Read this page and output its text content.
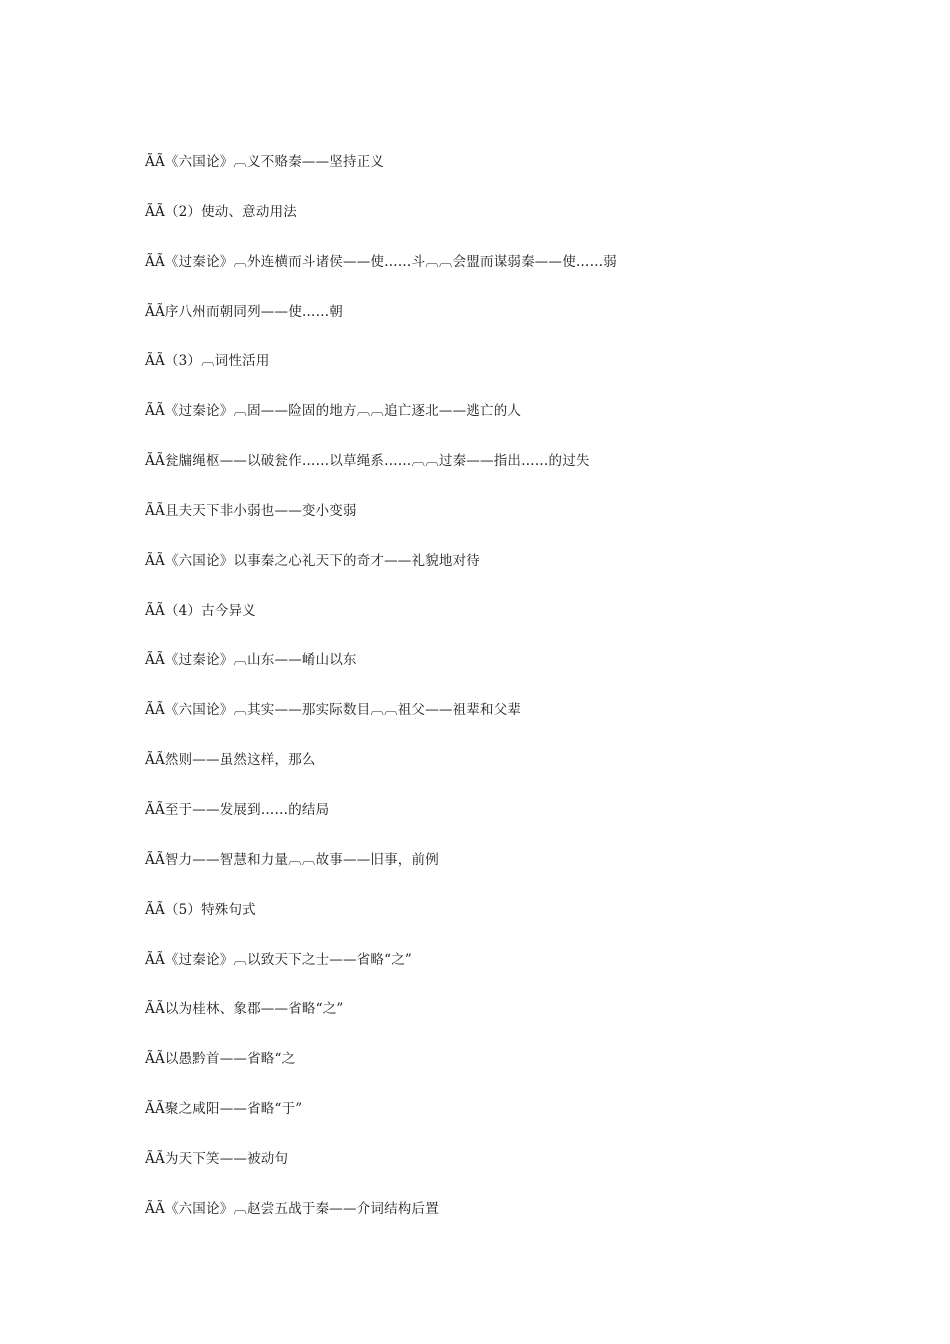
ÃÃ《六国论》︹义不赂秦——坚持正义
ÃÃ（2）使动、意动用法
ÃÃ《过秦论》︹外连横而斗诸侯——使……斗︹︹会盟而谋弱秦——使……弱
ÃÃ序八州而朝同列——使……朝
ÃÃ（3）︹词性活用
ÃÃ《过秦论》︹固——险固的地方︹︹追亡逐北——逃亡的人
ÃÃ瓮牖绳枢——以破瓮作……以草绳系……︹︹过秦——指出……的过失
ÃÃ且夫天下非小弱也——变小变弱
ÃÃ《六国论》以事秦之心礼天下的奇才——礼貌地对待
ÃÃ（4）古今异义
ÃÃ《过秦论》︹山东——崤山以东
ÃÃ《六国论》︹其实——那实际数目︹︹祖父——祖辈和父辈
ÃÃ然则——虽然这样，那么
ÃÃ至于——发展到……的结局
ÃÃ智力——智慧和力量︹︹故事——旧事，前例
ÃÃ（5）特殊句式
ÃÃ《过秦论》︹以致天下之士——省略“之”
ÃÃ以为桂林、象郡——省略“之”
ÃÃ以愚黔首——省略“之
ÃÃ聚之咸阳——省略“于”
ÃÃ为天下笑——被动句
ÃÃ《六国论》︹赵尝五战于秦——介词结构后置
